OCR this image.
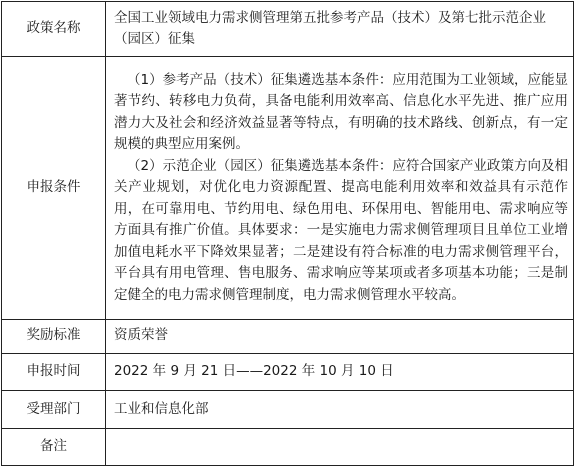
政策名称	全国工业领域电力需求侧管理第五批参考产品（技术）及第七批示范企业（园区）征集
申报条件	（1）参考产品（技术）征集遴选基本条件：应用范围为工业领域，应能显著节约、转移电力负荷，具备电能利用效率高、信息化水平先进、推广应用潜力大及社会和经济效益显著等特点，有明确的技术路线、创新点，有一定规模的典型应用案例。
（2）示范企业（园区）征集遴选基本条件：应符合国家产业政策方向及相关产业规划，对优化电力资源配置、提高电能利用效率和效益具有示范作用，在可靠用电、节约用电、绿色用电、环保用电、智能用电、需求响应等方面具有推广价值。具体要求：一是实施电力需求侧管理项目且单位工业增加值电耗水平下降效果显著；二是建设有符合标准的电力需求侧管理平台，平台具有用电管理、售电服务、需求响应等某项或者多项基本功能；三是制定健全的电力需求侧管理制度，电力需求侧管理水平较高。

奖励标准	资质荣誉
申报时间	2022 年 9 月 21 日——2022 年 10 月 10 日
受理部门	工业和信息化部
备注	
